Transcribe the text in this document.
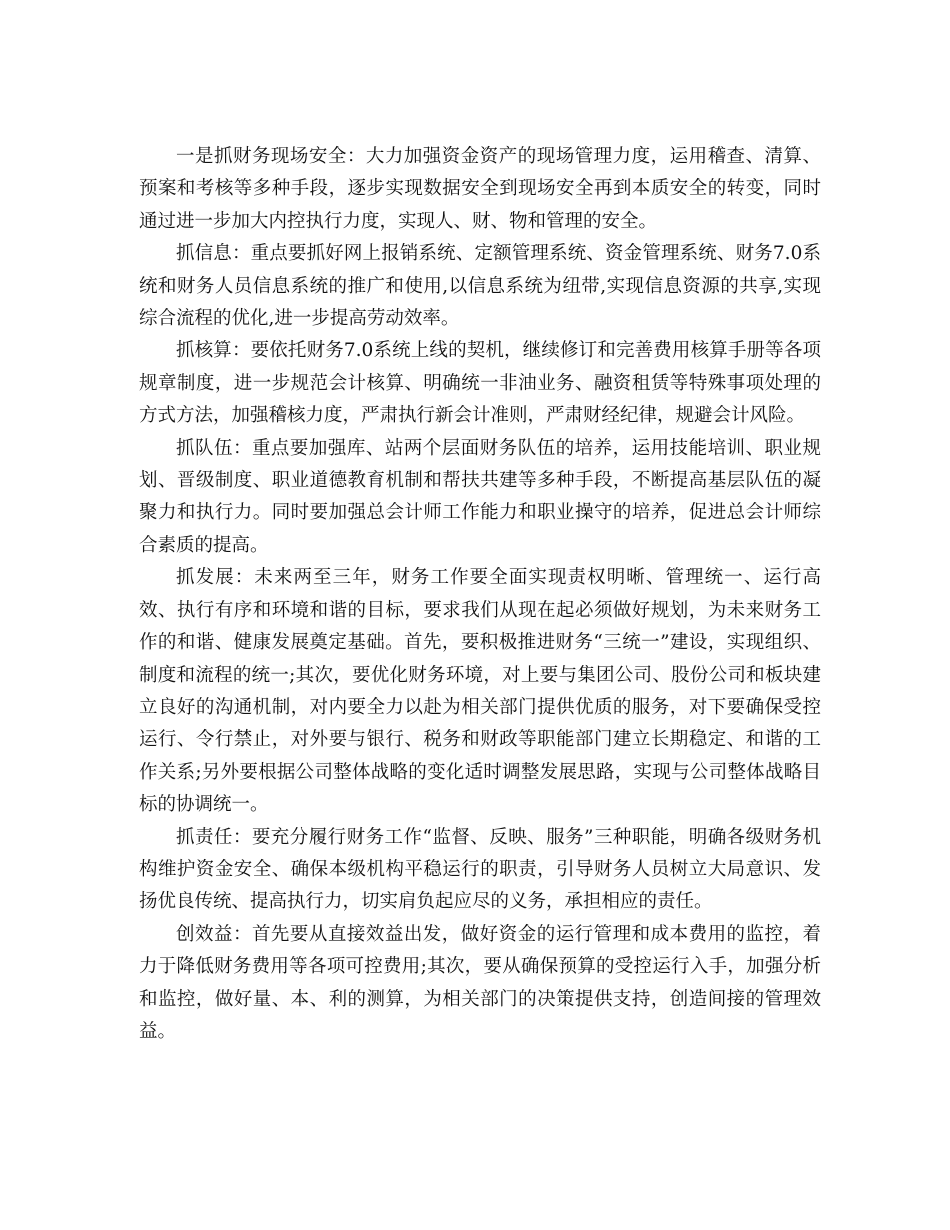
一是抓财务现场安全：大力加强资金资产的现场管理力度，运用稽查、清算、预案和考核等多种手段，逐步实现数据安全到现场安全再到本质安全的转变，同时通过进一步加大内控执行力度，实现人、财、物和管理的安全。

抓信息：重点要抓好网上报销系统、定额管理系统、资金管理系统、财务7.0系统和财务人员信息系统的推广和使用,以信息系统为纽带,实现信息资源的共享,实现综合流程的优化,进一步提高劳动效率。

抓核算：要依托财务7.0系统上线的契机，继续修订和完善费用核算手册等各项规章制度，进一步规范会计核算、明确统一非油业务、融资租赁等特殊事项处理的方式方法，加强稽核力度，严肃执行新会计准则，严肃财经纪律，规避会计风险。

抓队伍：重点要加强库、站两个层面财务队伍的培养，运用技能培训、职业规划、晋级制度、职业道德教育机制和帮扶共建等多种手段，不断提高基层队伍的凝聚力和执行力。同时要加强总会计师工作能力和职业操守的培养，促进总会计师综合素质的提高。

抓发展：未来两至三年，财务工作要全面实现责权明晰、管理统一、运行高效、执行有序和环境和谐的目标，要求我们从现在起必须做好规划，为未来财务工作的和谐、健康发展奠定基础。首先，要积极推进财务“三统一”建设，实现组织、制度和流程的统一;其次，要优化财务环境，对上要与集团公司、股份公司和板块建立良好的沟通机制，对内要全力以赴为相关部门提供优质的服务，对下要确保受控运行、令行禁止，对外要与银行、税务和财政等职能部门建立长期稳定、和谐的工作关系;另外要根据公司整体战略的变化适时调整发展思路，实现与公司整体战略目标的协调统一。

抓责任：要充分履行财务工作“监督、反映、服务”三种职能，明确各级财务机构维护资金安全、确保本级机构平稳运行的职责，引导财务人员树立大局意识、发扬优良传统、提高执行力，切实肩负起应尽的义务，承担相应的责任。

创效益：首先要从直接效益出发，做好资金的运行管理和成本费用的监控，着力于降低财务费用等各项可控费用;其次，要从确保预算的受控运行入手，加强分析和监控，做好量、本、利的测算，为相关部门的决策提供支持，创造间接的管理效益。
